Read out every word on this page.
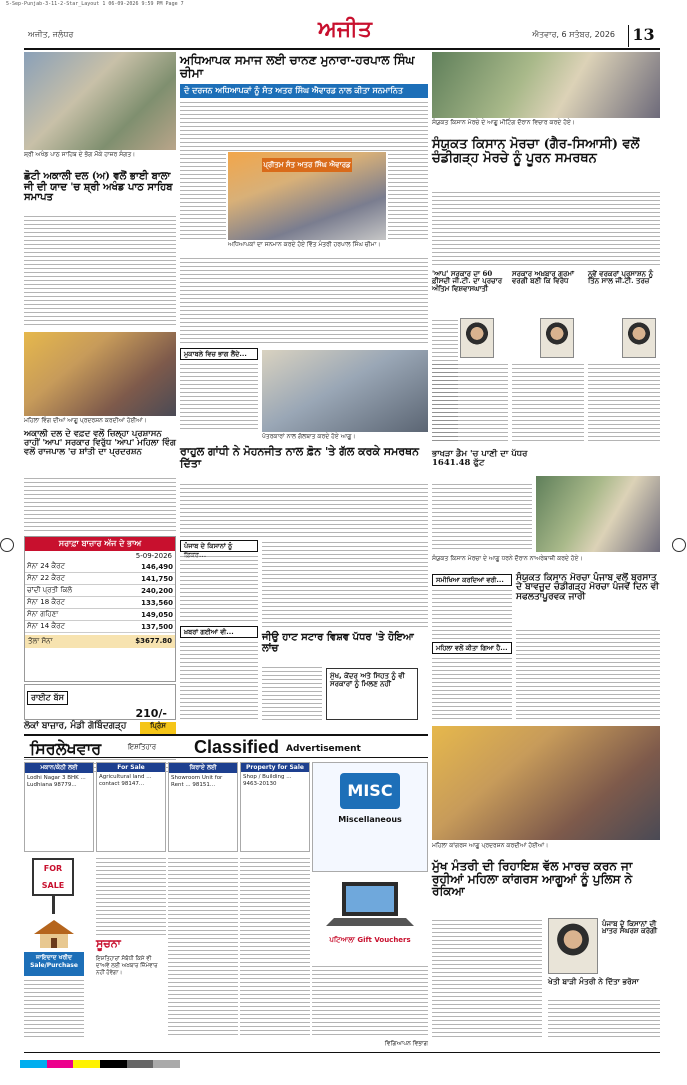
5-Sep-Punjab-3-11-2-Star_Layout 1 06-09-2026 9:59 PM Page 7
ਅਜੀਤ, ਜਲੰਧਰ	ਅਜੀਤ	ਐਤਵਾਰ, 6 ਸਤੰਬਰ, 2026 13
ਸ਼੍ਰੀ ਅਖੰਡ ਪਾਠ ਸਾਹਿਬ ਦੇ ਭੋਗ ਮੌਕੇ ਹਾਜ਼ਰ ਸੰਗਤ।
ਛੋਟੀ ਅਕਾਲੀ ਦਲ (ਅ) ਵਲੋਂ ਭਾਈ ਬਾਲਾ ਜੀ ਦੀ ਯਾਦ 'ਚ ਸ਼੍ਰੀ ਅਖੰਡ ਪਾਠ ਸਾਹਿਬ ਸਮਾਪਤ
ਮਹਿਲਾ ਵਿੰਗ ਦੀਆਂ ਆਗੂ ਪ੍ਰਦਰਸ਼ਨ ਕਰਦੀਆਂ ਹੋਈਆਂ।
ਅਕਾਲੀ ਦਲ ਦੇ ਵਫ਼ਦ ਵਲੋਂ ਜ਼ਿਲ੍ਹਾ ਪ੍ਰਸ਼ਾਸਨ ਰਾਹੀਂ 'ਆਪ' ਸਰਕਾਰ ਵਿਰੁੱਧ 'ਆਪ' ਮਹਿਲਾ ਵਿੰਗ ਵਲੋਂ ਰਾਜਪਾਲ 'ਚ ਸ਼ਾਂਤੀ ਦਾ ਪ੍ਰਦਰਸ਼ਨ
ਸਰਾਫ਼ਾ ਬਾਜ਼ਾਰ ਅੱਜ ਦੇ ਭਾਅ
5-09-2026
ਸੋਨਾ 24 ਕੈਰਟ	146,490
ਸੋਨਾ 22 ਕੈਰਟ	141,750
ਚਾਂਦੀ ਪ੍ਰਤੀ ਕਿਲੋ	240,200
ਸੋਨਾ 18 ਕੈਰਟ	133,560
ਸੋਨਾ ਗਹਿਣਾ	149,050
ਸੋਨਾ 14 ਕੈਰਟ	137,500
ਤੋਲਾ ਸੋਨਾ	$3677.80
ਰਾਈਟ ਬੱਸ
210/-
ਲੋਕਾਂ ਬਾਜ਼ਾਰ, ਮੰਡੀ ਗੋਬਿੰਦਗੜ੍ਹ	ਪ੍ਰਿੰਸ
ਅਧਿਆਪਕ ਸਮਾਜ ਲਈ ਚਾਨਣ ਮੁਨਾਰਾ-ਹਰਪਾਲ ਸਿੰਘ ਚੀਮਾ
ਦੋ ਦਰਜਨ ਅਧਿਆਪਕਾਂ ਨੂੰ ਸੰਤ ਅਤਰ ਸਿੰਘ ਐਵਾਰਡ ਨਾਲ ਕੀਤਾ ਸਨਮਾਨਿਤ
ਪ੍ਰੀਤਮ ਸੰਤ ਅਤਰ ਸਿੰਘ ਐਵਾਰਡ
ਅਧਿਆਪਕਾਂ ਦਾ ਸਨਮਾਨ ਕਰਦੇ ਹੋਏ ਵਿੱਤ ਮੰਤਰੀ ਹਰਪਾਲ ਸਿੰਘ ਚੀਮਾ।
ਮੁਕਾਬਲੇ ਵਿਚ ਭਾਗ ਲੈਂਦੇ...
ਪੱਤਰਕਾਰਾਂ ਨਾਲ ਗੱਲਬਾਤ ਕਰਦੇ ਹੋਏ ਆਗੂ।
ਰਾਹੁਲ ਗਾਂਧੀ ਨੇ ਮੋਹਨਜੀਤ ਨਾਲ ਫ਼ੋਨ 'ਤੇ ਗੱਲ ਕਰਕੇ ਸਮਰਥਨ ਦਿੱਤਾ
ਪੰਜਾਬ ਦੇ ਕਿਸਾਨਾਂ ਨੂੰ
ਖ਼ਬਰਾਂ ਗਈਆਂ ਵੀ...	ਜੀਉ ਹਾਟ ਸਟਾਰ ਵਿਸ਼ਵ ਪੱਧਰ 'ਤੇ ਹੋਇਆ ਲਾਂਚ
ਮੁੱਖ, ਕੇਂਦਰ ਅਤੇ ਸਿਹਤ ਨੂੰ ਵੀ ਸਰਕਾਰਾਂ ਨੂੰ ਮਿਲਣ ਨਹੀਂ
ਸੰਯੁਕਤ ਕਿਸਾਨ ਮੋਰਚੇ ਦੇ ਆਗੂ ਮੀਟਿੰਗ ਦੌਰਾਨ ਵਿਚਾਰ ਕਰਦੇ ਹੋਏ।
ਸੰਯੁਕਤ ਕਿਸਾਨ ਮੋਰਚਾ (ਗੈਰ-ਸਿਆਸੀ) ਵਲੋਂ ਚੰਡੀਗੜ੍ਹ ਮੋਰਚੇ ਨੂੰ ਪੂਰਨ ਸਮਰਥਨ
'ਆਪ' ਸਰਕਾਰ ਦਾ 60 ਫ਼ੀਸਦੀ ਜੀ.ਟੀ. ਦਾ ਪ੍ਰਚਾਰ ਅੰਤਿਮ ਵਿਸ਼ਵਾਸਘਾਤੀ
ਸਰਕਾਰ ਅਖ਼ਬਾਰ ਗਰਮਾਂ ਵਰਗੀ ਬਣੀ ਕਿ ਵਿਰੋਧ
ਨਵੇਂ ਵਰਕਰਾਂ ਪ੍ਰਸਾਸ਼ਨ ਨੂੰ ਤਿੰਨ ਸਾਲ ਜੀ.ਟੀ. ਤਰਜ਼
ਭਾਖੜਾ ਡੈਮ 'ਚ ਪਾਣੀ ਦਾ ਪੱਧਰ 1641.48 ਫੁੱਟ
ਸੰਯੁਕਤ ਕਿਸਾਨ ਮੋਰਚਾ ਦੇ ਆਗੂ ਧਰਨੇ ਦੌਰਾਨ ਨਾਅਰੇਬਾਜ਼ੀ ਕਰਦੇ ਹੋਏ।
ਸਮੀਖਿਆ ਕਰਦਿਆਂ ਵਰੀ...	ਸੰਯੁਕਤ ਕਿਸਾਨ ਮੋਰਚਾ ਪੰਜਾਬ ਵਲੋਂ ਬਰਸਾਤ ਦੇ ਬਾਵਜੂਦ ਚੰਡੀਗੜ੍ਹ ਮੋਰਚਾ ਪੰਜਵੇਂ ਦਿਨ ਵੀ ਸਫਲਤਾਪੂਰਵਕ ਜਾਰੀ
ਮਹਿਲਾ ਵਲੋਂ ਕੀਤਾ ਗਿਆ ਹੈ...
ਸਿਰਲੇਖਵਾਰ	ਇਸ਼ਤਿਹਾਰ Classified Advertisement
ਮਕਾਨ/ਕੋਠੀ ਲਈ
Lodhi Nagar 3 BHK ... Ludhiana 98779...
For Sale
Agricultural land ... contact 98147...
ਕਿਰਾਏ ਲਈ
Showroom Unit for Rent ... 98151...
Property for Sale
Shop / Building ... 9463-20130
FOR SALE
ਜਾਇਦਾਦ ਖਰੀਦ Sale/Purchase
ਸੂਚਨਾ
ਇਸ਼ਤਿਹਾਰਾਂ ਸੰਬੰਧੀ ਕਿਸੇ ਵੀ ਦਾਅਵੇ ਲਈ ਅਖ਼ਬਾਰ ਜ਼ਿੰਮੇਵਾਰ ਨਹੀਂ ਹੋਵੇਗਾ।
MISC
Miscellaneous
ਪਟਿਆਲਾ Gift Vouchers
ਮਹਿਲਾ ਕਾਂਗਰਸ ਆਗੂ ਪ੍ਰਦਰਸ਼ਨ ਕਰਦੀਆਂ ਹੋਈਆਂ।
ਮੁੱਖ ਮੰਤਰੀ ਦੀ ਰਿਹਾਇਸ਼ ਵੱਲ ਮਾਰਚ ਕਰਨ ਜਾ ਰਹੀਆਂ ਮਹਿਲਾ ਕਾਂਗਰਸ ਆਗੂਆਂ ਨੂੰ ਪੁਲਿਸ ਨੇ ਰੋਕਿਆ
ਪੰਜਾਬ ਦੇ ਕਿਸਾਨਾਂ ਦੀ ਖ਼ਾਤਰ ਸੰਘਰਸ਼ ਕਰੇਗੀ
ਖੇਤੀ ਬਾੜੀ ਮੰਤਰੀ ਨੇ ਦਿੱਤਾ ਭਰੋਸਾ
ਵਿਗਿਆਪਨ ਵਿਭਾਗ
